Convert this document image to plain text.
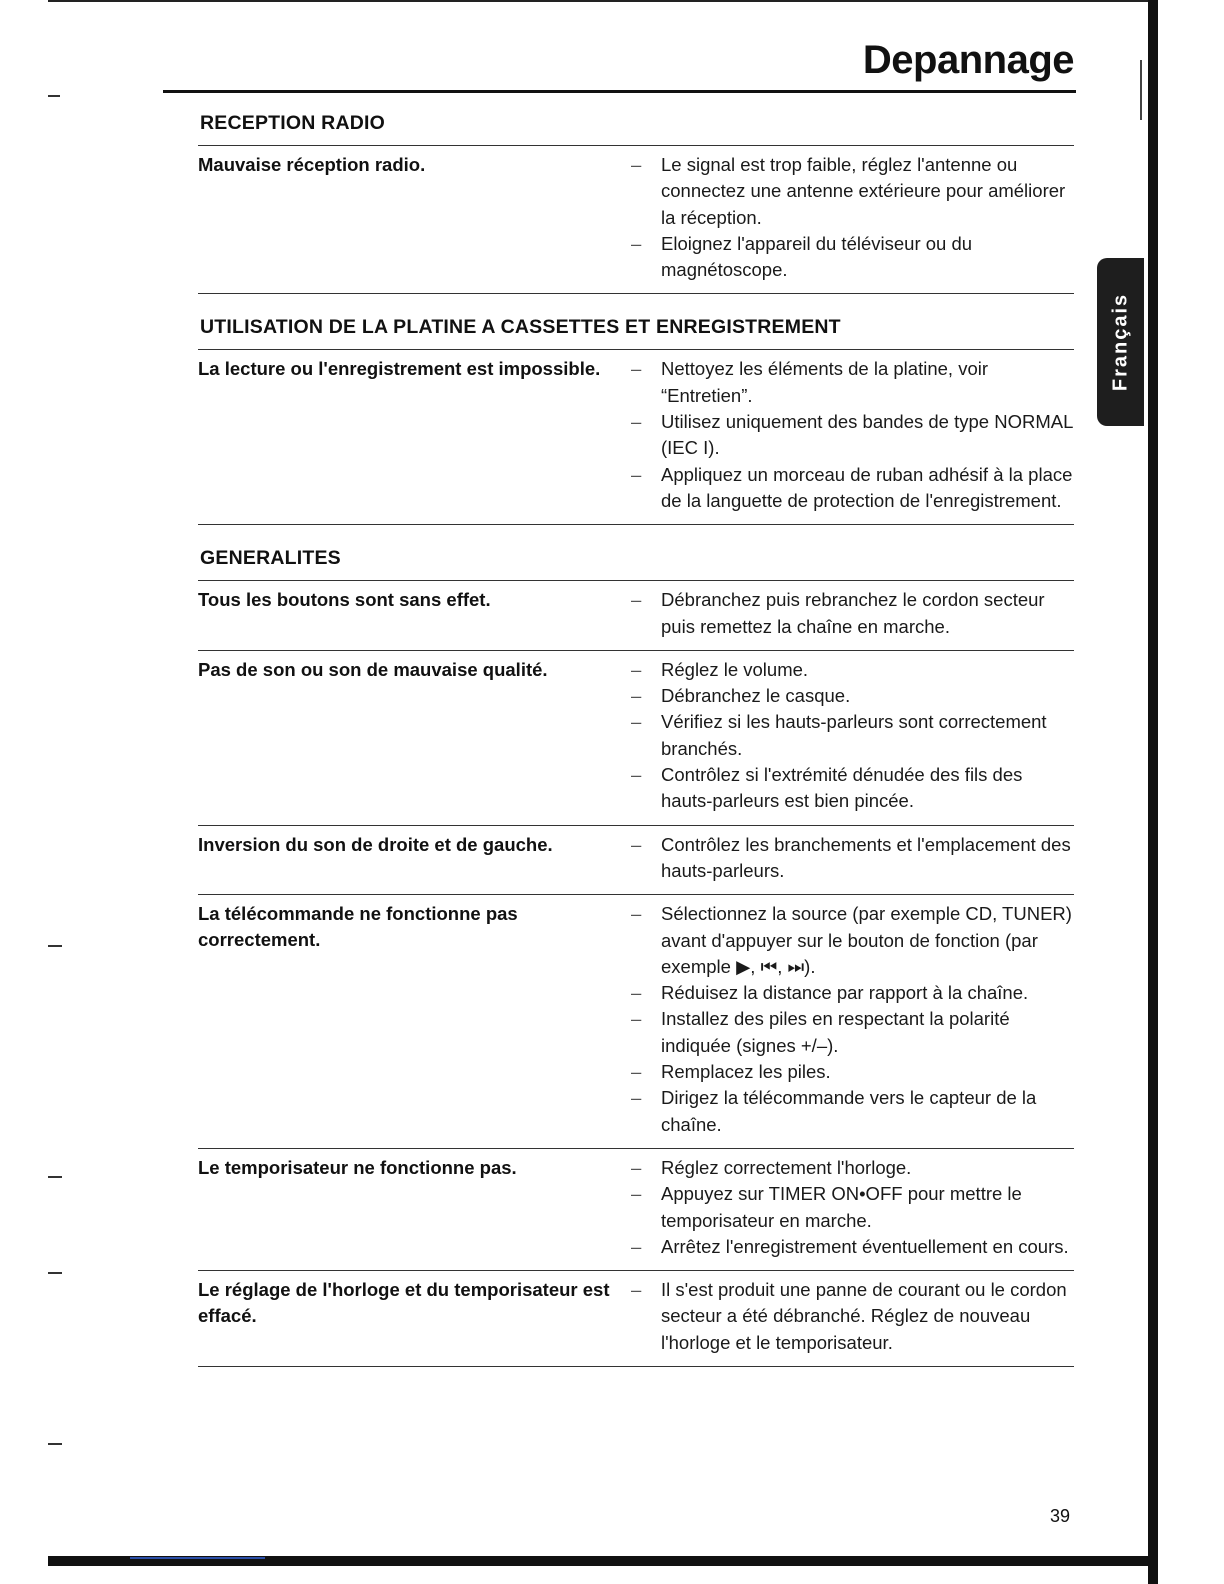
Depannage
Français
RECEPTION RADIO
Mauvaise réception radio.	– Le signal est trop faible, réglez l'antenne ou connectez une antenne extérieure pour améliorer la réception.
– Eloignez l'appareil du téléviseur ou du magnétoscope.
UTILISATION DE LA PLATINE A CASSETTES ET ENREGISTREMENT
La lecture ou l'enregistrement est impossible.	– Nettoyez les éléments de la platine, voir “Entretien”.
– Utilisez uniquement des bandes de type NORMAL (IEC I).
– Appliquez un morceau de ruban adhésif à la place de la languette de protection de l'enregistrement.
GENERALITES
Tous les boutons sont sans effet.	– Débranchez puis rebranchez le cordon secteur puis remettez la chaîne en marche.
Pas de son ou son de mauvaise qualité.	– Réglez le volume.
– Débranchez le casque.
– Vérifiez si les hauts-parleurs sont correctement branchés.
– Contrôlez si l'extrémité dénudée des fils des hauts-parleurs est bien pincée.
Inversion du son de droite et de gauche.	– Contrôlez les branchements et l'emplacement des hauts-parleurs.
La télécommande ne fonctionne pas correctement.
– Sélectionnez la source (par exemple CD, TUNER) avant d'appuyer sur le bouton de fonction (par exemple ▶, ⏮, ⏭).
– Réduisez la distance par rapport à la chaîne.
– Installez des piles en respectant la polarité indiquée (signes +/–).
– Remplacez les piles.
– Dirigez la télécommande vers le capteur de la chaîne.
Le temporisateur ne fonctionne pas.	– Réglez correctement l'horloge.
– Appuyez sur TIMER ON•OFF pour mettre le temporisateur en marche.
– Arrêtez l'enregistrement éventuellement en cours.
Le réglage de l'horloge et du temporisateur est effacé.
– Il s'est produit une panne de courant ou le cordon secteur a été débranché. Réglez de nouveau l'horloge et le temporisateur.
39
